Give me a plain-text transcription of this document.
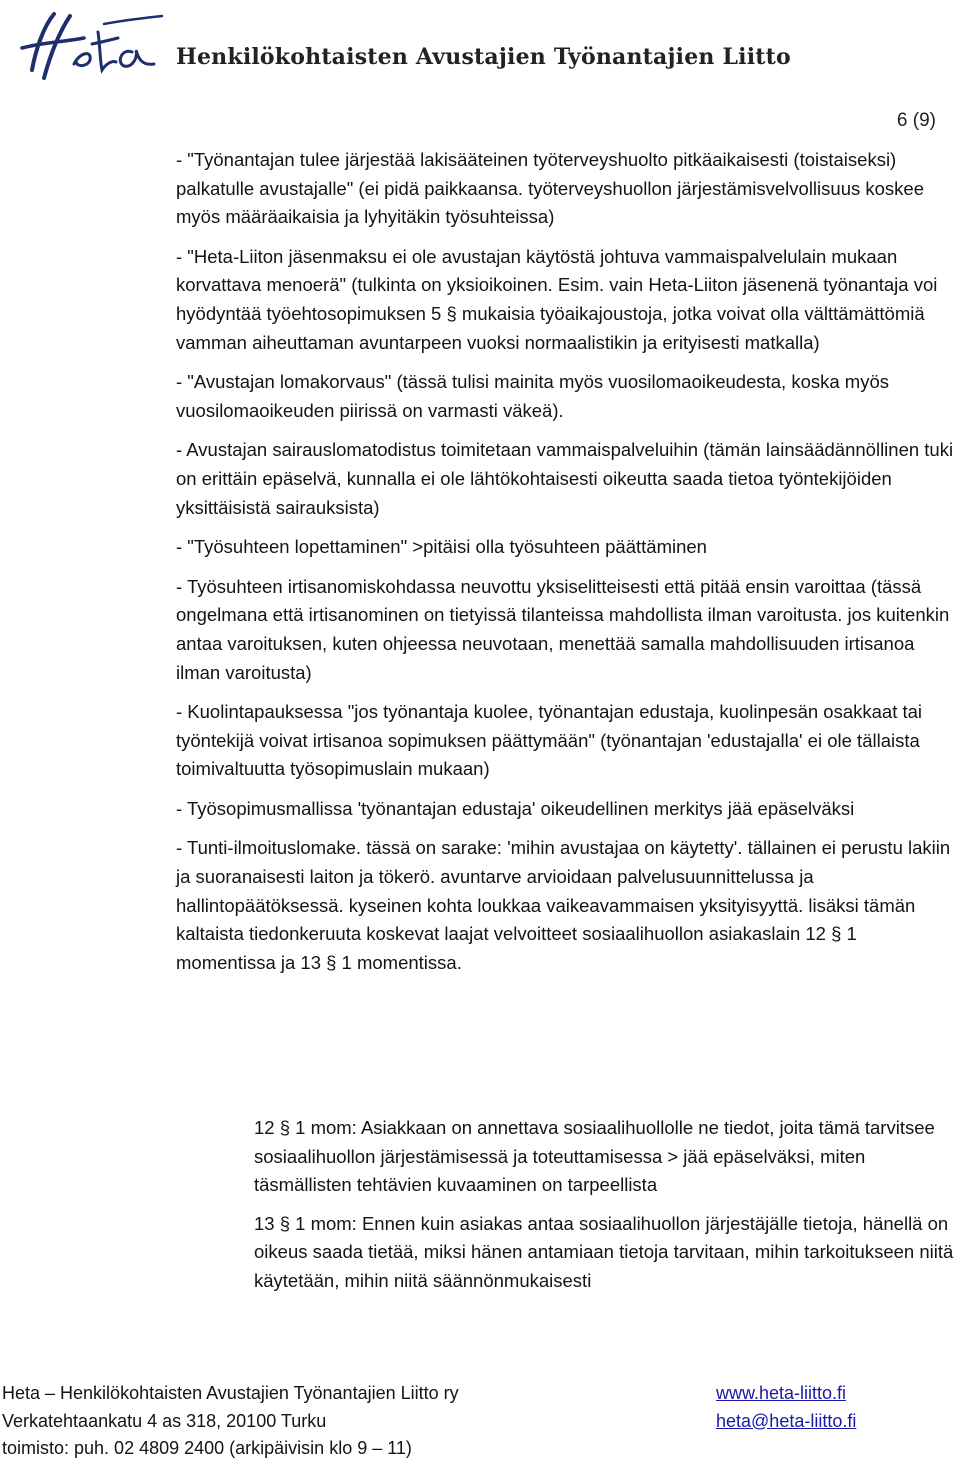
Henkilökohtaisten Avustajien Työnantajien Liitto
6 (9)

- "Työnantajan tulee järjestää lakisääteinen työterveyshuolto pitkäaikaisesti (toistaiseksi) palkatulle avustajalle" (ei pidä paikkaansa. työterveyshuollon järjestämisvelvollisuus koskee myös määräaikaisia ja lyhyitäkin työsuhteissa)

- "Heta-Liiton jäsenmaksu ei ole avustajan käytöstä johtuva vammaispalvelulain mukaan korvattava menoerä" (tulkinta on yksioikoinen. Esim. vain Heta-Liiton jäsenenä työnantaja voi hyödyntää työehtosopimuksen 5 § mukaisia työaikajoustoja, jotka voivat olla välttämättömiä vamman aiheuttaman avuntarpeen vuoksi normaalistikin ja erityisesti matkalla)

- "Avustajan lomakorvaus" (tässä tulisi mainita myös vuosilomaoikeudesta, koska myös vuosilomaoikeuden piirissä on varmasti väkeä).

- Avustajan sairauslomatodistus toimitetaan vammaispalveluihin (tämän lainsäädännöllinen tuki on erittäin epäselvä, kunnalla ei ole lähtökohtaisesti oikeutta saada tietoa työntekijöiden yksittäisistä sairauksista)

- "Työsuhteen lopettaminen" >pitäisi olla työsuhteen päättäminen

- Työsuhteen irtisanomiskohdassa neuvottu yksiselitteisesti että pitää ensin varoittaa (tässä ongelmana että irtisanominen on tietyissä tilanteissa mahdollista ilman varoitusta. jos kuitenkin antaa varoituksen, kuten ohjeessa neuvotaan, menettää samalla mahdollisuuden irtisanoa ilman varoitusta)

- Kuolintapauksessa "jos työnantaja kuolee, työnantajan edustaja, kuolinpesän osakkaat tai työntekijä voivat irtisanoa sopimuksen päättymään" (työnantajan 'edustajalla' ei ole tällaista toimivaltuutta työsopimuslain mukaan)

- Työsopimusmallissa 'työnantajan edustaja' oikeudellinen merkitys jää epäselväksi

- Tunti-ilmoituslomake. tässä on sarake: 'mihin avustajaa on käytetty'. tällainen ei perustu lakiin ja suoranaisesti laiton ja tökerö. avuntarve arvioidaan palvelusuunnittelussa ja hallintopäätöksessä. kyseinen kohta loukkaa vaikeavammaisen yksityisyyttä. lisäksi tämän kaltaista tiedonkeruuta koskevat laajat velvoitteet sosiaalihuollon asiakaslain 12 § 1 momentissa ja 13 § 1 momentissa.

12 § 1 mom: Asiakkaan on annettava sosiaalihuollolle ne tiedot, joita tämä tarvitsee sosiaalihuollon järjestämisessä ja toteuttamisessa > jää epäselväksi, miten täsmällisten tehtävien kuvaaminen on tarpeellista

13 § 1 mom: Ennen kuin asiakas antaa sosiaalihuollon järjestäjälle tietoja, hänellä on oikeus saada tietää, miksi hänen antamiaan tietoja tarvitaan, mihin tarkoitukseen niitä käytetään, mihin niitä säännönmukaisesti

Heta – Henkilökohtaisten Avustajien Työnantajien Liitto ry
Verkatehtaankatu 4 as 318, 20100 Turku
toimisto: puh. 02 4809 2400 (arkipäivisin klo 9 – 11)
www.heta-liitto.fi
heta@heta-liitto.fi
